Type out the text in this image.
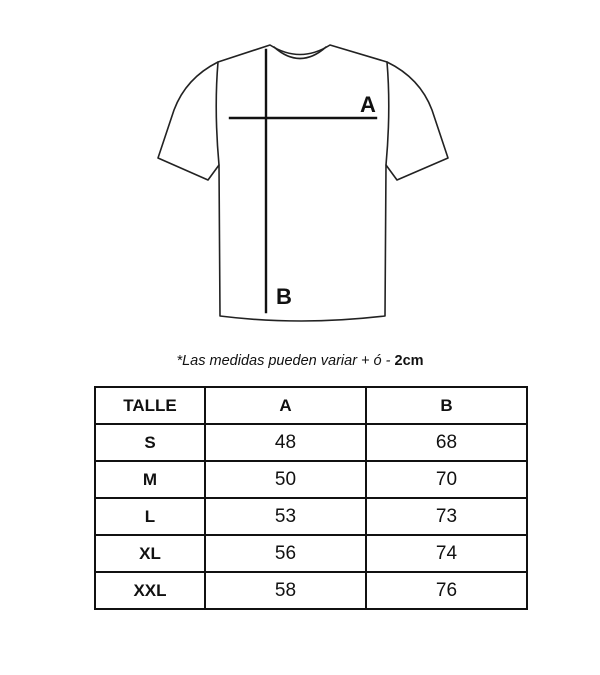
A
B
*Las medidas pueden variar + ó - 2cm
TALLE	A	B
S	48	68
M	50	70
L	53	73
XL	56	74
XXL	58	76
